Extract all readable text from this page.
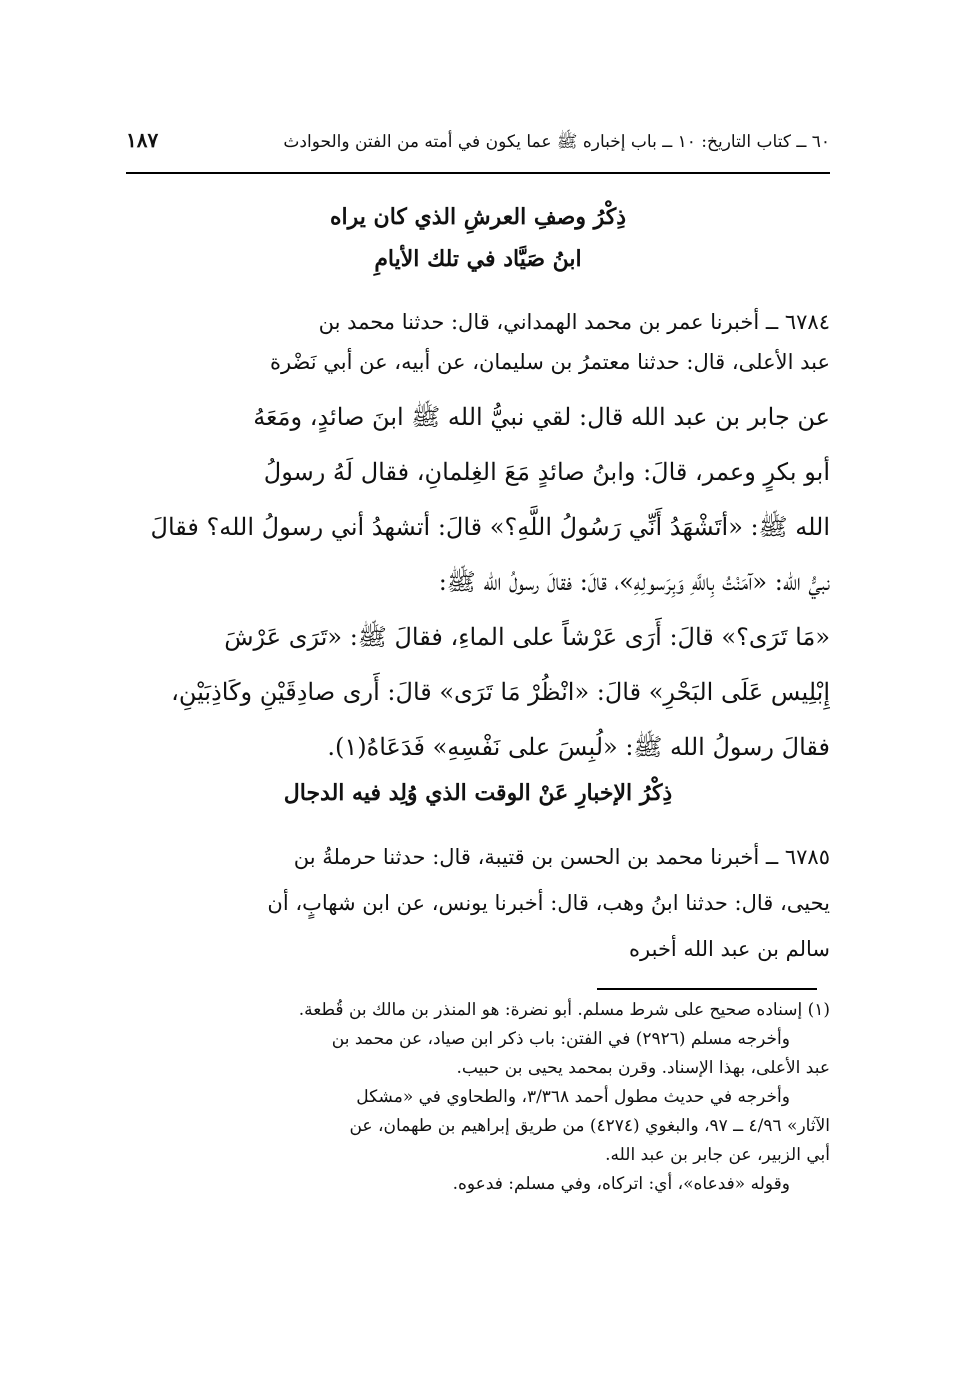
٦٠ ــ كتاب التاريخ: ١٠ ــ باب إخباره ﷺ عما يكون في أمته من الفتن والحوادث
١٨٧
ذِكْرُ وصفِ العرشِ الذي كان يراه
ابنُ صَيَّاد في تلك الأيامِ
٦٧٨٤ ــ أخبرنا عمر بن محمد الهمداني، قال: حدثنا محمد بن
عبد الأعلى، قال: حدثنا معتمرُ بن سليمان، عن أبيه، عن أبي نَضْرة
عن جابر بن عبد الله قال: لقي نبيُّ الله ﷺ ابنَ صائدٍ، ومَعَهُ
أبو بكرٍ وعمر، قالَ: وابنُ صائدٍ مَعَ الغِلمانِ، فقال لَهُ رسولُ
الله ﷺ: «أتَشْهَدُ أَنِّي رَسُولُ اللَّهِ؟» قالَ: أتشهدُ أني رسولُ الله؟ فقالَ
نبيُّ الله: «آمَنْتُ بِاللَّهِ وَبِرَسولِهِ»، قالَ: فقالَ رسولُ الله ﷺ:
«مَا تَرَى؟» قالَ: أَرَى عَرْشاً على الماءِ، فقالَ ﷺ: «تَرَى عَرْشَ
إِبْلِيس عَلَى البَحْرِ» قالَ: «انْظُرْ مَا تَرَى» قالَ: أَرى صادِقَيْنِ وكَاذِبَيْنِ،
فقالَ رسولُ الله ﷺ: «لُبِسَ على نَفْسِهِ» فَدَعَاهُ(١).
ذِكْرُ الإخبارِ عَنْ الوقت الذي وُلِد فيه الدجال
٦٧٨٥ ــ أخبرنا محمد بن الحسن بن قتيبة، قال: حدثنا حرملةُ بن
يحيى، قال: حدثنا ابنُ وهب، قال: أخبرنا يونس، عن ابن شهابٍ، أن
سالم بن عبد الله أخبره
(١) إسناده صحيح على شرط مسلم. أبو نضرة: هو المنذر بن مالك بن قُطعة.
وأخرجه مسلم (٢٩٢٦) في الفتن: باب ذكر ابن صياد، عن محمد بن
عبد الأعلى، بهذا الإسناد. وقرن بمحمد يحيى بن حبيب.
وأخرجه في حديث مطول أحمد ٣/٣٦٨، والطحاوي في «مشكل
الآثار» ٤/٩٦ ــ ٩٧، والبغوي (٤٢٧٤) من طريق إبراهيم بن طهمان، عن
أبي الزبير، عن جابر بن عبد الله.
وقوله «فدعاه»، أي: اتركاه، وفي مسلم: فدعوه.
